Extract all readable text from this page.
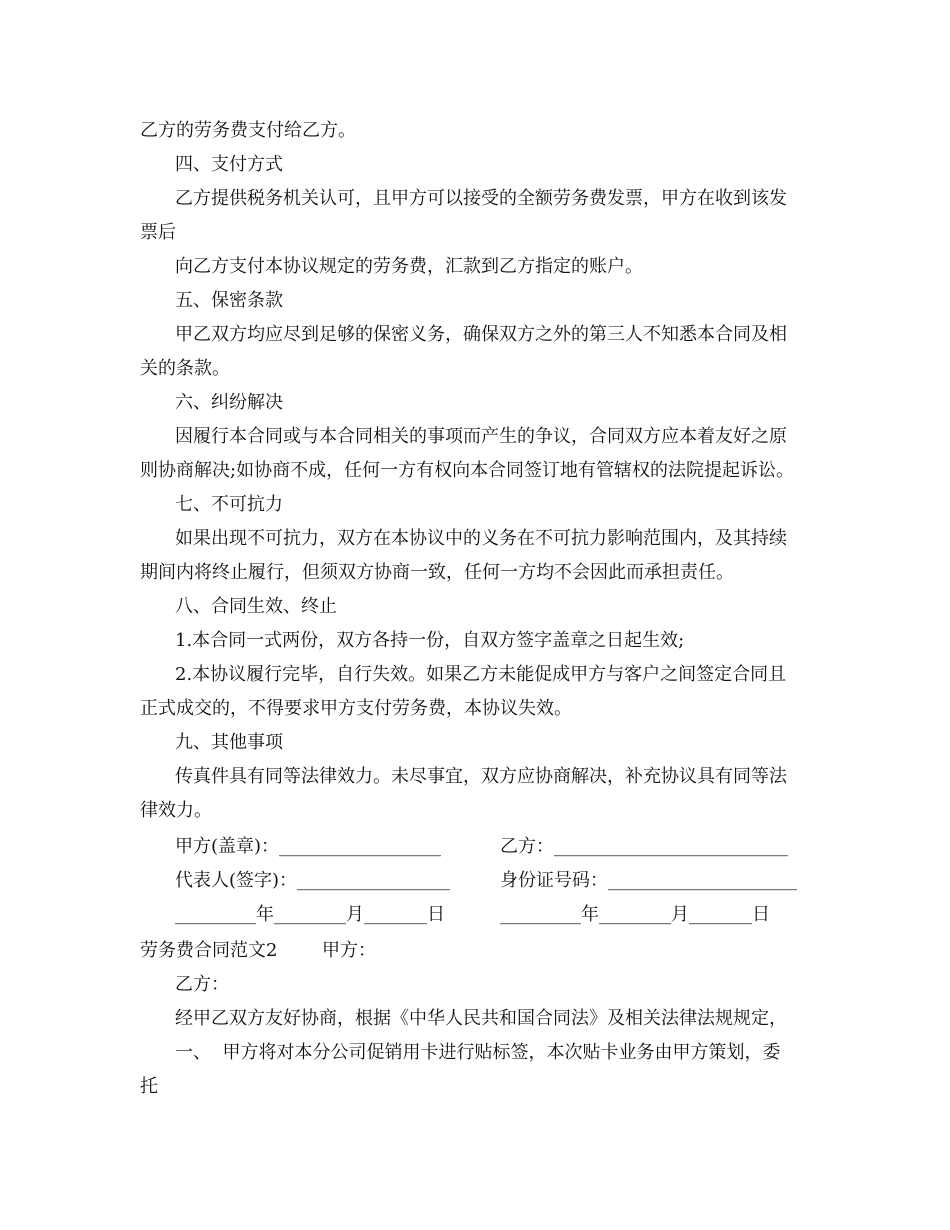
乙方的劳务费支付给乙方。
四、支付方式
乙方提供税务机关认可，且甲方可以接受的全额劳务费发票，甲方在收到该发
票后
向乙方支付本协议规定的劳务费，汇款到乙方指定的账户。
五、保密条款
甲乙双方均应尽到足够的保密义务，确保双方之外的第三人不知悉本合同及相
关的条款。
六、纠纷解决
因履行本合同或与本合同相关的事项而产生的争议，合同双方应本着友好之原
则协商解决;如协商不成，任何一方有权向本合同签订地有管辖权的法院提起诉讼。
七、不可抗力
如果出现不可抗力，双方在本协议中的义务在不可抗力影响范围内，及其持续
期间内将终止履行，但须双方协商一致，任何一方均不会因此而承担责任。
八、合同生效、终止
1.本合同一式两份，双方各持一份，自双方签字盖章之日起生效;
2.本协议履行完毕，自行失效。如果乙方未能促成甲方与客户之间签定合同且
正式成交的，不得要求甲方支付劳务费，本协议失效。
九、其他事项
传真件具有同等法律效力。未尽事宜，双方应协商解决，补充协议具有同等法
律效力。
甲方(盖章)：__________________	乙方：__________________________
代表人(签字)：_________________	身份证号码：_____________________
_________年________月_______日	_________年________月_______日
劳务费合同范文2 甲方：
乙方：
经甲乙双方友好协商，根据《中华人民共和国合同法》及相关法律法规规定，
一、  甲方将对本分公司促销用卡进行贴标签，本次贴卡业务由甲方策划，委
托
